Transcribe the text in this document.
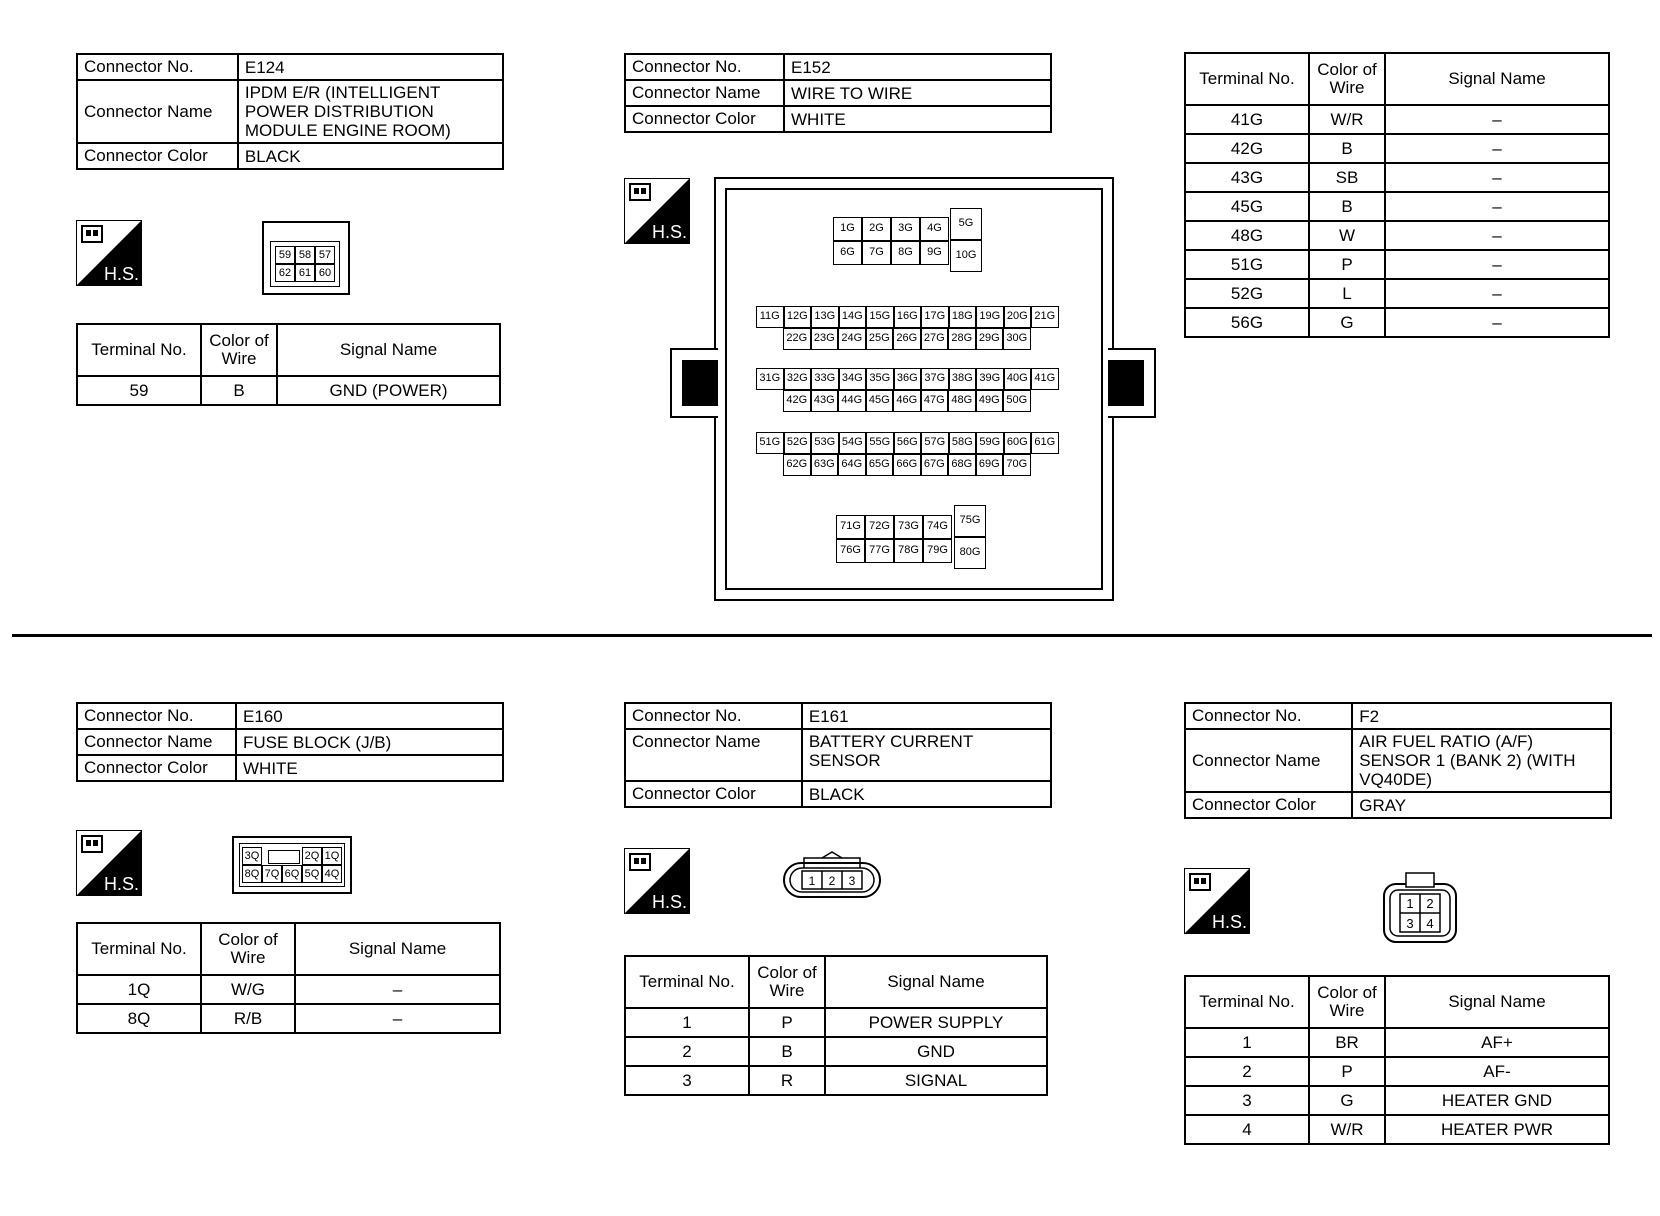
Connector No.	E124
Connector Name	IPDM E/R (INTELLIGENT POWER DISTRIBUTION MODULE ENGINE ROOM)
Connector Color	BLACK
H.S.
59 58 57
62 61 60
Terminal No.	Color of Wire	Signal Name
59	B	GND (POWER)
Connector No.	E152
Connector Name	WIRE TO WIRE
Connector Color	WHITE
H.S.	1G	2G	3G	4G
6G	7G	8G	9G
5G
10G
11G 12G 13G 14G 15G 16G 17G 18G 19G 20G 21G
22G 23G 24G 25G 26G 27G 28G 29G 30G
31G 32G 33G 34G 35G 36G 37G 38G 39G 40G 41G
42G 43G 44G 45G 46G 47G 48G 49G 50G
51G 52G 53G 54G 55G 56G 57G 58G 59G 60G 61G
62G 63G 64G 65G 66G 67G 68G 69G 70G
71G 72G 73G 74G
76G 77G 78G 79G
75G
80G
Terminal No.	Color of Wire	Signal Name
41G	W/R	–
42G	B	–
43G	SB	–
45G	B	–
48G	W	–
51G	P	–
52G	L	–
56G	G	–
Connector No.	E160
Connector Name	FUSE BLOCK (J/B)
Connector Color	WHITE
H.S.
3Q	2Q 1Q
8Q 7Q 6Q 5Q 4Q
Terminal No.	Color of Wire	Signal Name
1Q	W/G	–
8Q	R/B	–
Connector No.	E161
Connector Name	BATTERY CURRENT SENSOR
Connector Color	BLACK
H.S.
1 2 3
Terminal No.	Color of Wire	Signal Name
1	P	POWER SUPPLY
2	B	GND
3	R	SIGNAL
Connector No.	F2
Connector Name	AIR FUEL RATIO (A/F) SENSOR 1 (BANK 2) (WITH VQ40DE)
Connector Color	GRAY
H.S.
1 2
3 4
Terminal No.	Color of Wire	Signal Name
1	BR	AF+
2	P	AF-
3	G	HEATER GND
4	W/R	HEATER PWR
